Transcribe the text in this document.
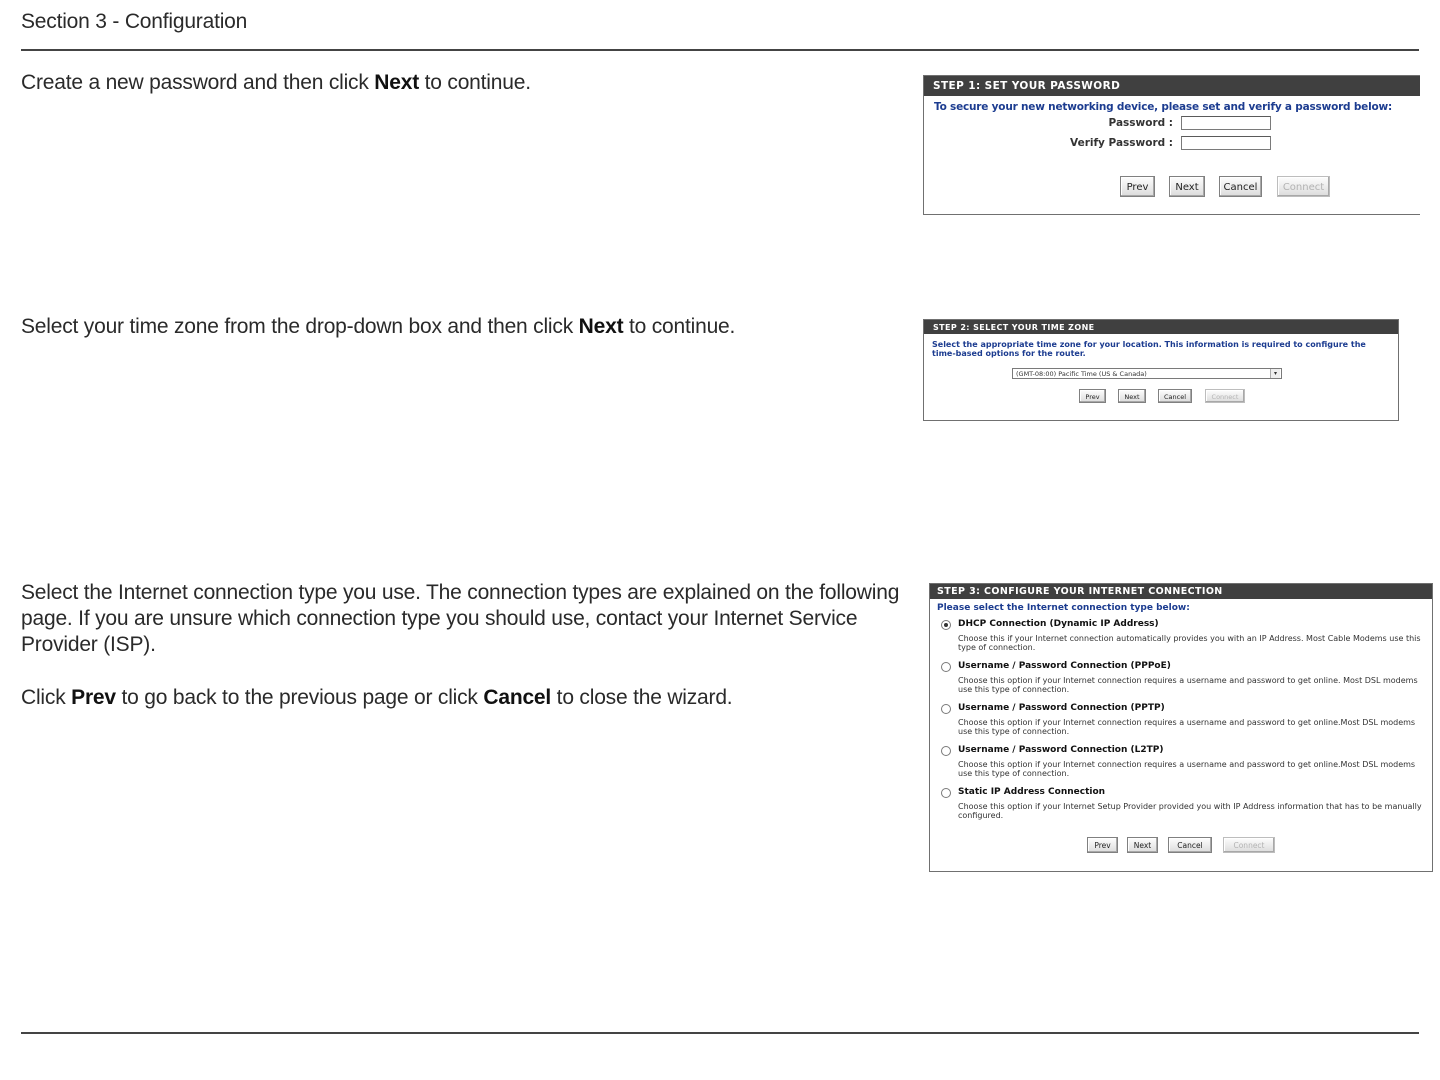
Section 3 - Configuration
Create a new password and then click Next to continue.
Select your time zone from the drop-down box and then click Next to continue.
Select the Internet connection type you use. The connection types are explained on the following page. If you are unsure which connection type you should use, contact your Internet Service Provider (ISP).
Click Prev to go back to the previous page or click Cancel to close the wizard.
STEP 1: SET YOUR PASSWORD
To secure your new networking device, please set and verify a password below:
Password :
Verify Password :
Prev	Next	Cancel	Connect
STEP 2: SELECT YOUR TIME ZONE
Select the appropriate time zone for your location. This information is required to configure the time-based options for the router.
(GMT-08:00) Pacific Time (US & Canada)	▾
Prev	Next	Cancel	Connect
STEP 3: CONFIGURE YOUR INTERNET CONNECTION
Please select the Internet connection type below:
DHCP Connection (Dynamic IP Address)
Choose this if your Internet connection automatically provides you with an IP Address. Most Cable Modems use this type of connection.
Username / Password Connection (PPPoE)
Choose this option if your Internet connection requires a username and password to get online. Most DSL modems use this type of connection.
Username / Password Connection (PPTP)
Choose this option if your Internet connection requires a username and password to get online.Most DSL modems use this type of connection.
Username / Password Connection (L2TP)
Choose this option if your Internet connection requires a username and password to get online.Most DSL modems use this type of connection.
Static IP Address Connection
Choose this option if your Internet Setup Provider provided you with IP Address information that has to be manually configured.
Prev	Next	Cancel	Connect
